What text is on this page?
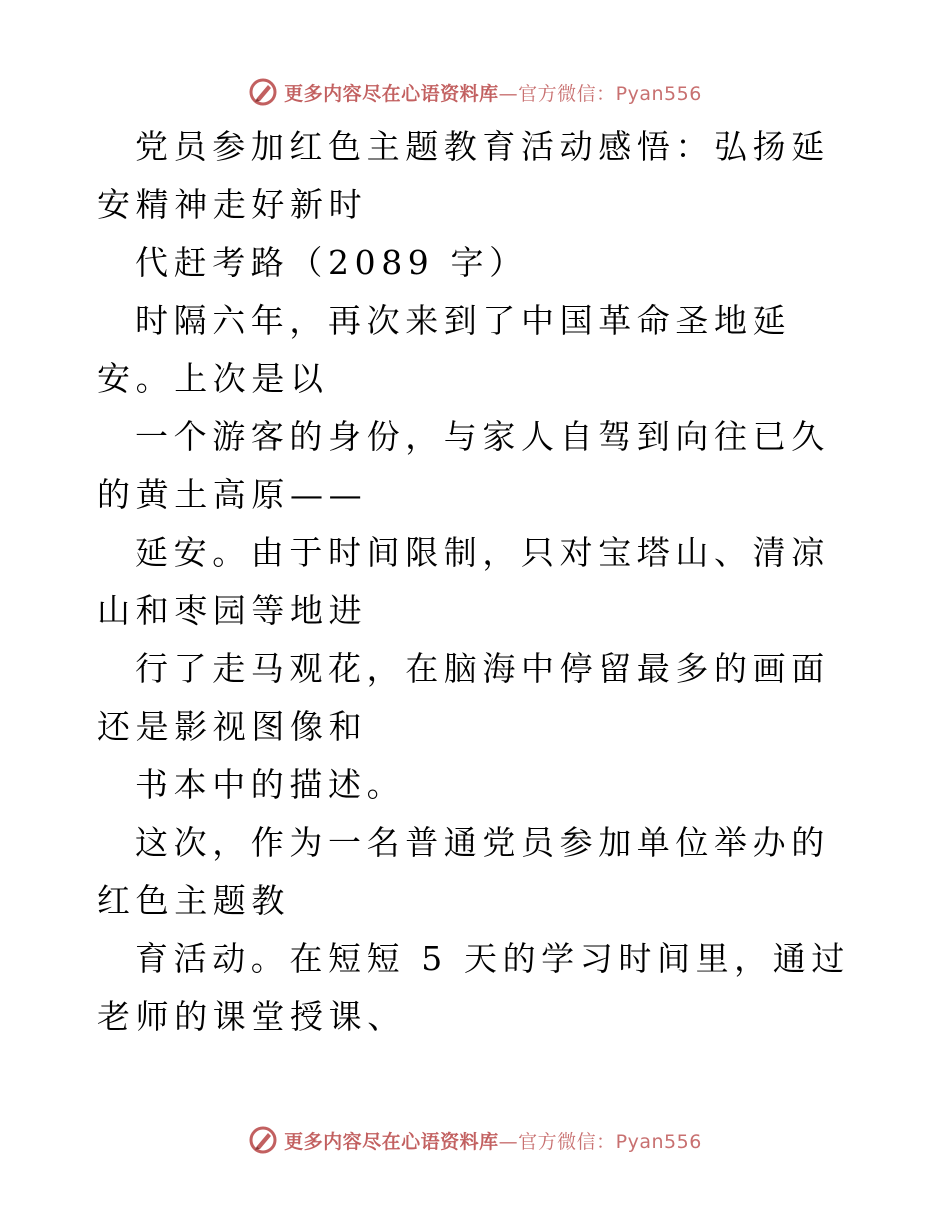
更多内容尽在心语资料库—官方微信：Pyan556

党员参加红色主题教育活动感悟：弘扬延安精神走好新时

代赶考路（2089 字）

时隔六年，再次来到了中国革命圣地延安。上次是以

一个游客的身份，与家人自驾到向往已久的黄土高原——

延安。由于时间限制，只对宝塔山、清凉山和枣园等地进

行了走马观花，在脑海中停留最多的画面还是影视图像和

书本中的描述。

这次，作为一名普通党员参加单位举办的红色主题教

育活动。在短短 5 天的学习时间里，通过老师的课堂授课、

更多内容尽在心语资料库—官方微信：Pyan556
